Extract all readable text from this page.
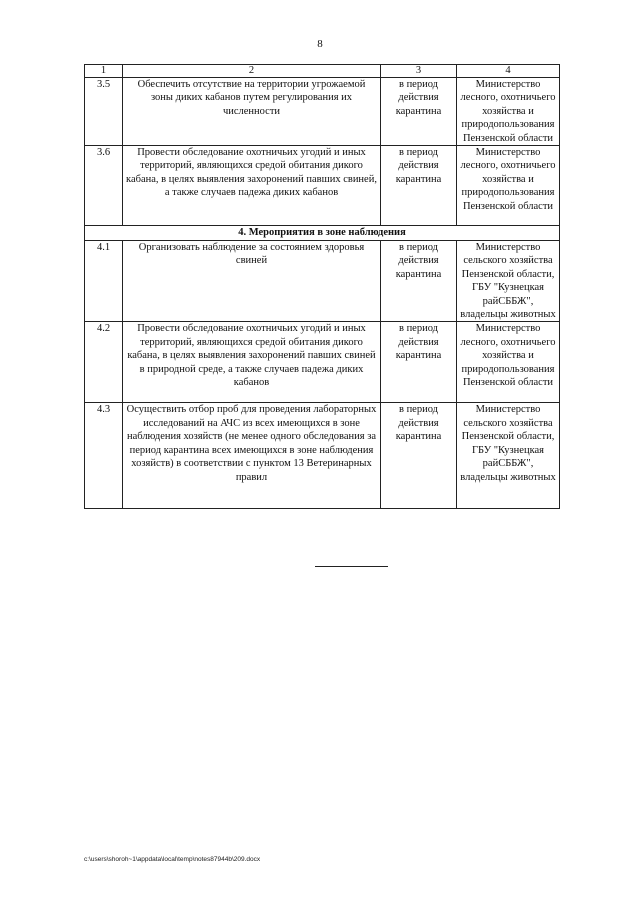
8
1	2	3	4
3.5	Обеспечить отсутствие на территории угрожаемой зоны диких кабанов путем регулирования их численности	в период действия карантина	Министерство лесного, охотничьего хозяйства и природопользования Пензенской области
3.6	Провести обследование охотничьих угодий и иных территорий, являющихся средой обитания дикого кабана, в целях выявления захоронений павших свиней, а также случаев падежа диких кабанов	в период действия карантина	Министерство лесного, охотничьего хозяйства и природопользования Пензенской области
4. Мероприятия в зоне наблюдения			
4.1	Организовать наблюдение за состоянием здоровья свиней	в период действия карантина	Министерство сельского хозяйства Пензенской области, ГБУ "Кузнецкая райСББЖ", владельцы животных
4.2	Провести обследование охотничьих угодий и иных территорий, являющихся средой обитания дикого кабана, в целях выявления захоронений павших свиней в природной среде, а также случаев падежа диких кабанов	в период действия карантина	Министерство лесного, охотничьего хозяйства и природопользования Пензенской области
4.3	Осуществить отбор проб для проведения лабораторных исследований на АЧС из всех имеющихся в зоне наблюдения хозяйств (не менее одного обследования за период карантина всех имеющихся в зоне наблюдения хозяйств) в соответствии с пунктом 13 Ветеринарных правил	в период действия карантина	Министерство сельского хозяйства Пензенской области, ГБУ "Кузнецкая райСББЖ", владельцы животных
c:\users\shoroh~1\appdata\local\temp\notes87944b\209.docx
